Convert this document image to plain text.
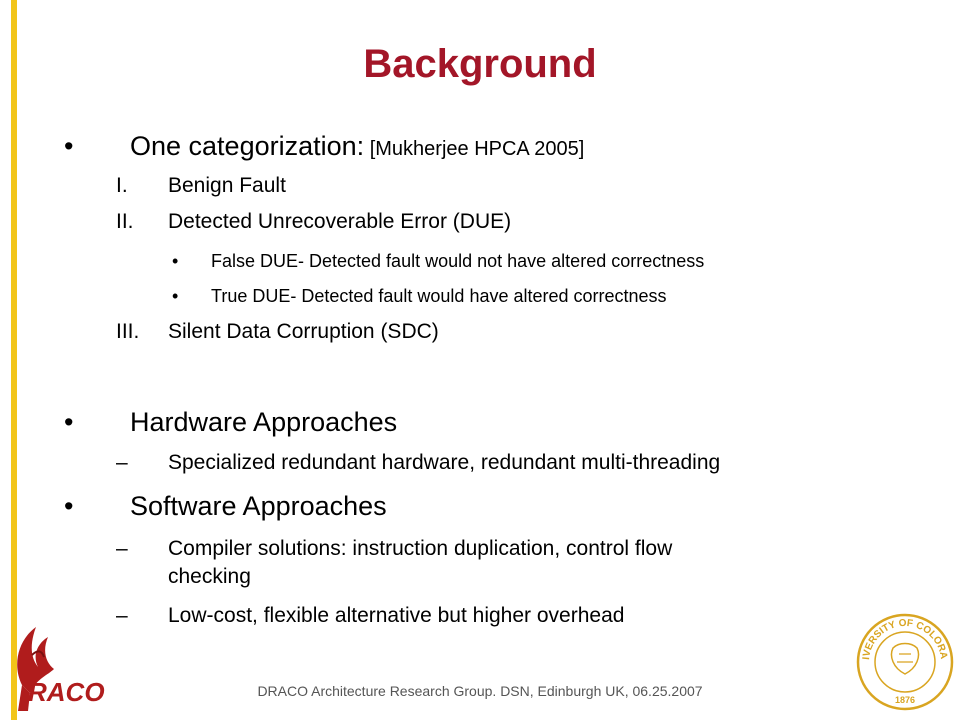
Background
• One categorization: [Mukherjee HPCA 2005]
I. Benign Fault
II. Detected Unrecoverable Error (DUE)
• False DUE- Detected fault would not have altered correctness
• True DUE- Detected fault would have altered correctness
III. Silent Data Corruption (SDC)
• Hardware Approaches
– Specialized redundant hardware, redundant multi-threading
• Software Approaches
– Compiler solutions: instruction duplication, control flow
checking
– Low-cost, flexible alternative but higher overhead
DRACO Architecture Research Group. DSN, Edinburgh UK, 06.25.2007
RACO
IVERSITY OF COLORA
1876
